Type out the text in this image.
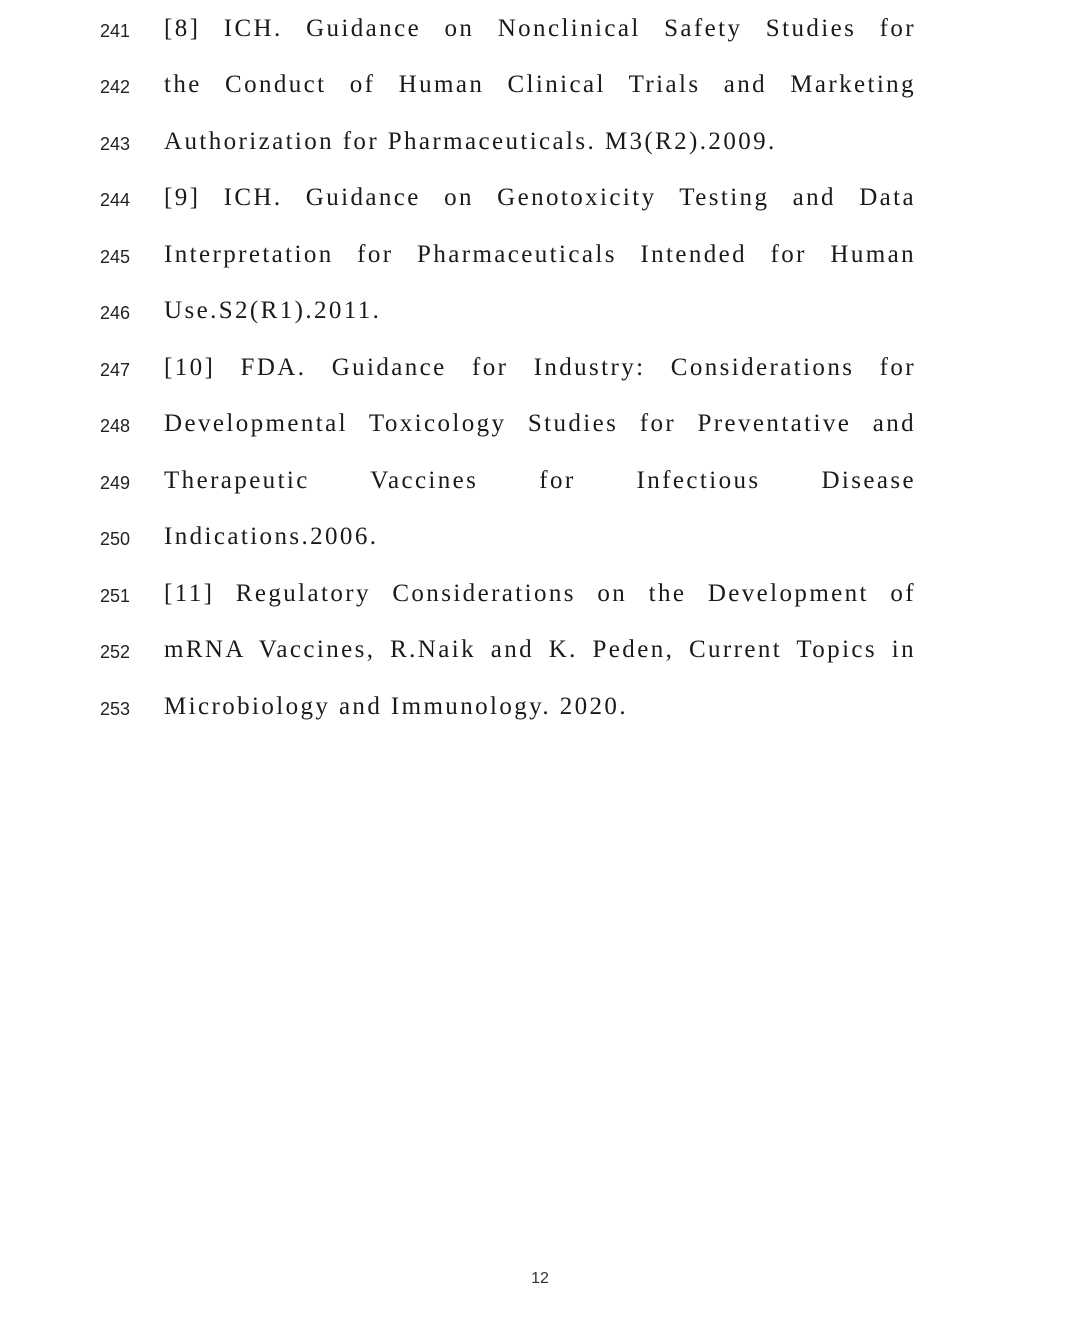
241	[8] ICH. Guidance on Nonclinical Safety Studies for
242	the Conduct of Human Clinical Trials and Marketing
243	Authorization for Pharmaceuticals. M3(R2).2009.
244	[9] ICH. Guidance on Genotoxicity Testing and Data
245	Interpretation for Pharmaceuticals Intended for Human
246	Use.S2(R1).2011.
247	[10] FDA. Guidance for Industry: Considerations for
248	Developmental Toxicology Studies for Preventative and
249	Therapeutic Vaccines for Infectious Disease
250	Indications.2006.
251	[11] Regulatory Considerations on the Development of
252	mRNA Vaccines, R.Naik and K. Peden, Current Topics in
253	Microbiology and Immunology. 2020.
12
